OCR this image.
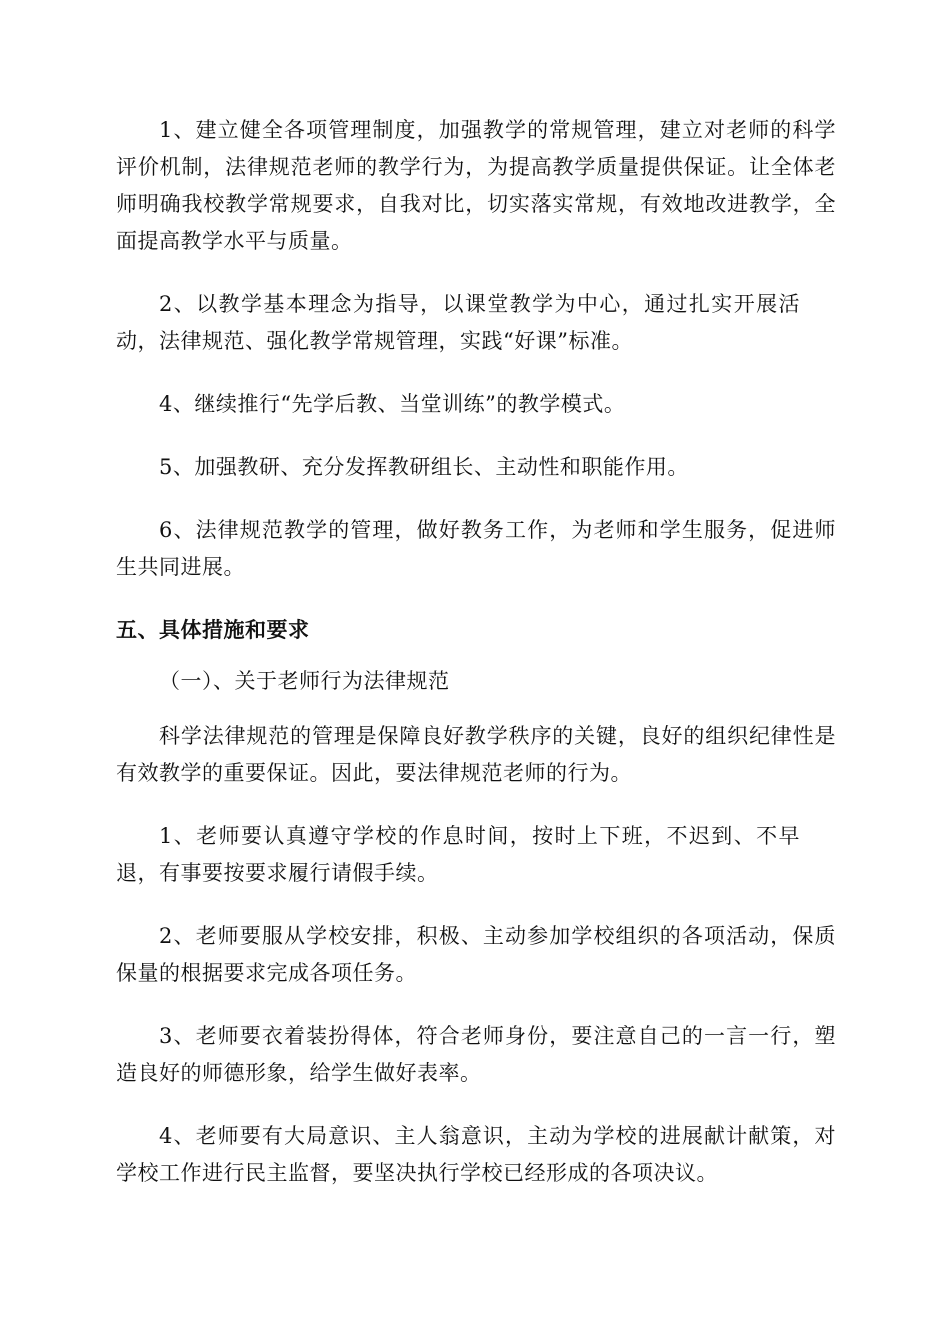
1、建立健全各项管理制度，加强教学的常规管理，建立对老师的科学评价机制，法律规范老师的教学行为，为提高教学质量提供保证。让全体老师明确我校教学常规要求，自我对比，切实落实常规，有效地改进教学，全面提高教学水平与质量。

2、以教学基本理念为指导，以课堂教学为中心，通过扎实开展活动，法律规范、强化教学常规管理，实践“好课”标准。

4、继续推行“先学后教、当堂训练”的教学模式。

5、加强教研、充分发挥教研组长、主动性和职能作用。

6、法律规范教学的管理，做好教务工作，为老师和学生服务，促进师生共同进展。

五、具体措施和要求

（一）、关于老师行为法律规范

科学法律规范的管理是保障良好教学秩序的关键，良好的组织纪律性是有效教学的重要保证。因此，要法律规范老师的行为。

1、老师要认真遵守学校的作息时间，按时上下班，不迟到、不早退，有事要按要求履行请假手续。

2、老师要服从学校安排，积极、主动参加学校组织的各项活动，保质保量的根据要求完成各项任务。

3、老师要衣着装扮得体，符合老师身份，要注意自己的一言一行，塑造良好的师德形象，给学生做好表率。

4、老师要有大局意识、主人翁意识，主动为学校的进展献计献策，对学校工作进行民主监督，要坚决执行学校已经形成的各项决议。
